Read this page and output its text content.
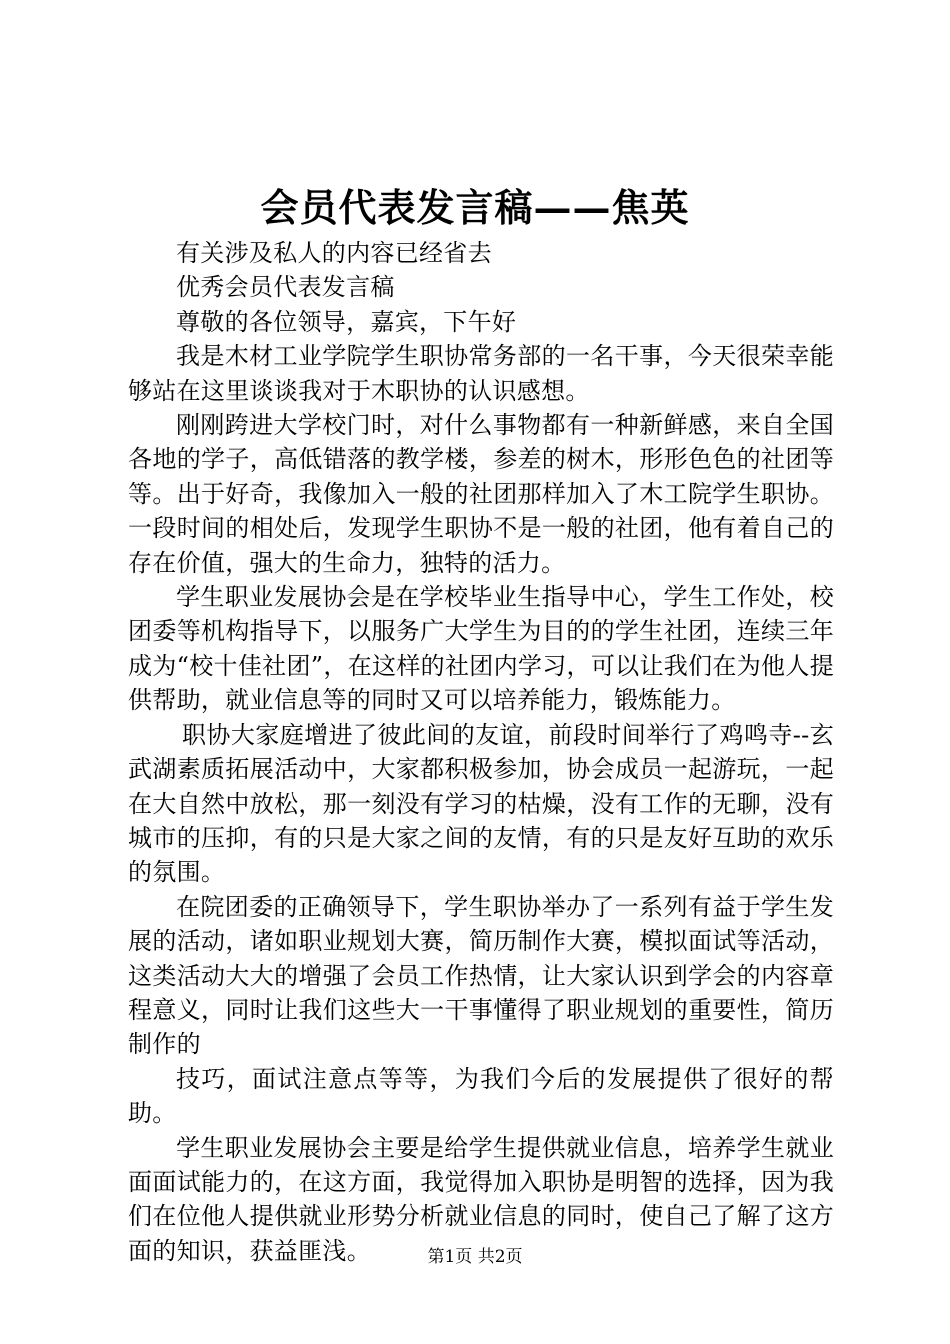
会员代表发言稿——焦英

有关涉及私人的内容已经省去

优秀会员代表发言稿

尊敬的各位领导，嘉宾，下午好

我是木材工业学院学生职协常务部的一名干事，今天很荣幸能够站在这里谈谈我对于木职协的认识感想。

刚刚跨进大学校门时，对什么事物都有一种新鲜感，来自全国各地的学子，高低错落的教学楼，参差的树木，形形色色的社团等等。出于好奇，我像加入一般的社团那样加入了木工院学生职协。一段时间的相处后，发现学生职协不是一般的社团，他有着自己的存在价值，强大的生命力，独特的活力。

学生职业发展协会是在学校毕业生指导中心，学生工作处，校团委等机构指导下，以服务广大学生为目的的学生社团，连续三年成为“校十佳社团”，在这样的社团内学习，可以让我们在为他人提供帮助，就业信息等的同时又可以培养能力，锻炼能力。

职协大家庭增进了彼此间的友谊，前段时间举行了鸡鸣寺--玄武湖素质拓展活动中，大家都积极参加，协会成员一起游玩，一起在大自然中放松，那一刻没有学习的枯燥，没有工作的无聊，没有城市的压抑，有的只是大家之间的友情，有的只是友好互助的欢乐的氛围。

在院团委的正确领导下，学生职协举办了一系列有益于学生发展的活动，诸如职业规划大赛，简历制作大赛，模拟面试等活动，这类活动大大的增强了会员工作热情，让大家认识到学会的内容章程意义，同时让我们这些大一干事懂得了职业规划的重要性，简历制作的

技巧，面试注意点等等，为我们今后的发展提供了很好的帮助。

学生职业发展协会主要是给学生提供就业信息，培养学生就业面面试能力的，在这方面，我觉得加入职协是明智的选择，因为我们在位他人提供就业形势分析就业信息的同时，使自己了解了这方面的知识，获益匪浅。	第1页 共2页
